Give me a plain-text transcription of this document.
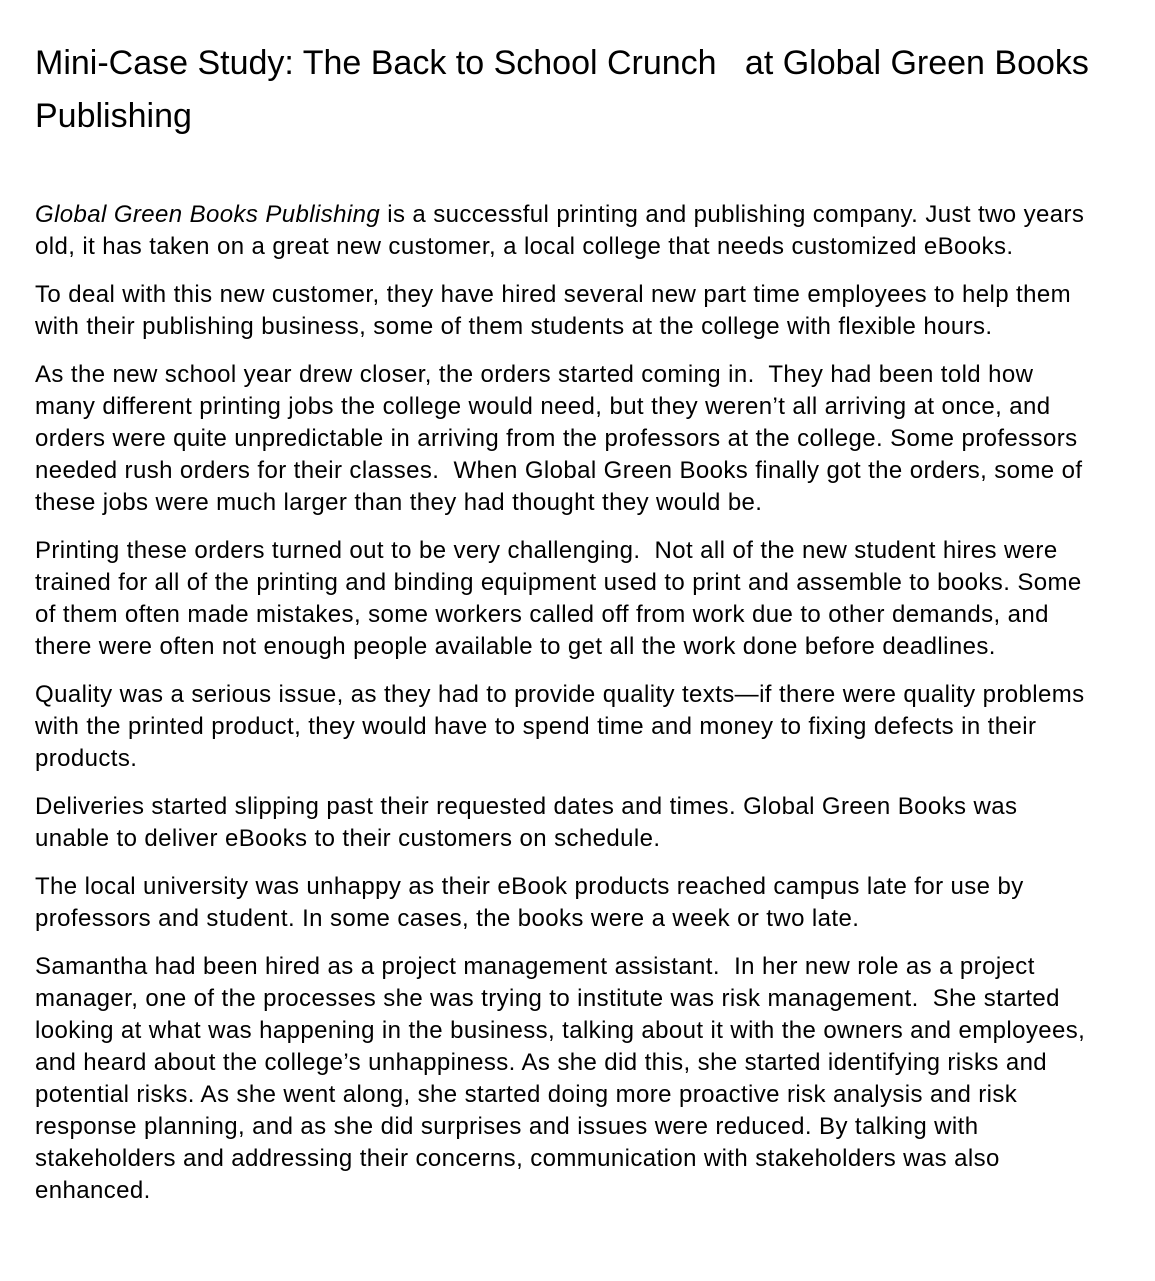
Mini-Case Study: The Back to School Crunch   at Global Green Books
Publishing

Global Green Books Publishing is a successful printing and publishing company. Just two years old, it has taken on a great new customer, a local college that needs customized eBooks.

To deal with this new customer, they have hired several new part time employees to help them with their publishing business, some of them students at the college with flexible hours.

As the new school year drew closer, the orders started coming in.  They had been told how many different printing jobs the college would need, but they weren’t all arriving at once, and orders were quite unpredictable in arriving from the professors at the college. Some professors needed rush orders for their classes.  When Global Green Books finally got the orders, some of these jobs were much larger than they had thought they would be.

Printing these orders turned out to be very challenging.  Not all of the new student hires were trained for all of the printing and binding equipment used to print and assemble to books. Some of them often made mistakes, some workers called off from work due to other demands, and there were often not enough people available to get all the work done before deadlines.

Quality was a serious issue, as they had to provide quality texts—if there were quality problems with the printed product, they would have to spend time and money to fixing defects in their products.

Deliveries started slipping past their requested dates and times. Global Green Books was unable to deliver eBooks to their customers on schedule.

The local university was unhappy as their eBook products reached campus late for use by professors and student. In some cases, the books were a week or two late.

Samantha had been hired as a project management assistant.  In her new role as a project manager, one of the processes she was trying to institute was risk management.  She started looking at what was happening in the business, talking about it with the owners and employees, and heard about the college’s unhappiness. As she did this, she started identifying risks and potential risks. As she went along, she started doing more proactive risk analysis and risk response planning, and as she did surprises and issues were reduced. By talking with stakeholders and addressing their concerns, communication with stakeholders was also enhanced.
